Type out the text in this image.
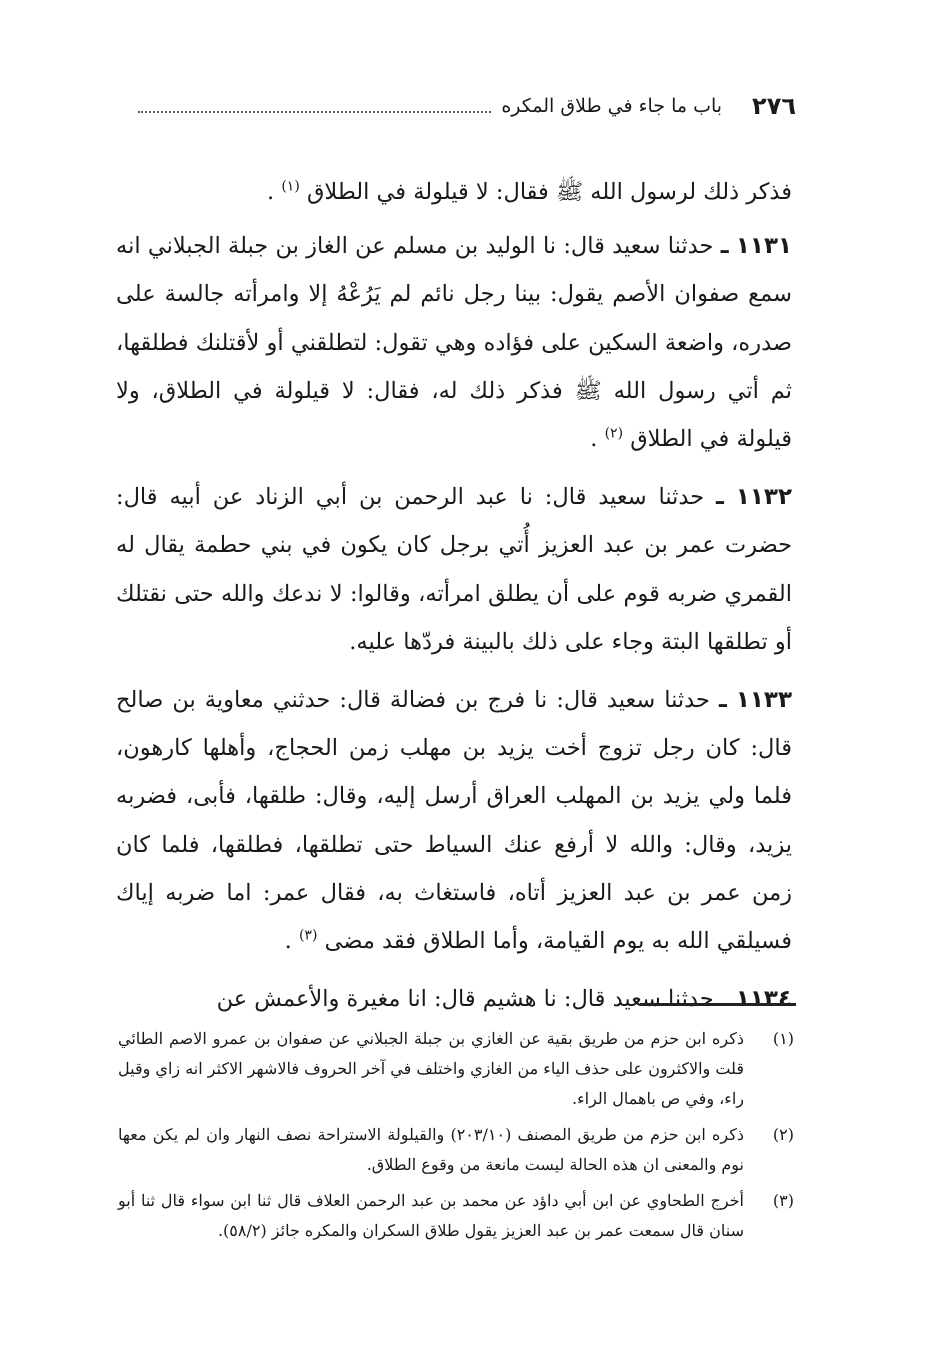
٢٧٦
باب ما جاء في طلاق المكره

فذكر ذلك لرسول الله ﷺ فقال: لا قيلولة في الطلاق $^{(١)}$ .

١١٣١ ـ حدثنا سعيد قال: نا الوليد بن مسلم عن الغاز بن جبلة الجبلاني انه سمع صفوان الأصم يقول: بينا رجل نائم لم يَرُعْهُ إلا وامرأته جالسة على صدره، واضعة السكين على فؤاده وهي تقول: لتطلقني أو لأقتلنك فطلقها، ثم أتي رسول الله ﷺ فذكر ذلك له، فقال: لا قيلولة في الطلاق، ولا قيلولة في الطلاق $^{(٢)}$ .

١١٣٢ ـ حدثنا سعيد قال: نا عبد الرحمن بن أبي الزناد عن أبيه قال: حضرت عمر بن عبد العزيز أُتي برجل كان يكون في بني حطمة يقال له القمري ضربه قوم على أن يطلق امرأته، وقالوا: لا ندعك والله حتى نقتلك أو تطلقها البتة وجاء على ذلك بالبينة فردّها عليه.

١١٣٣ ـ حدثنا سعيد قال: نا فرج بن فضالة قال: حدثني معاوية بن صالح قال: كان رجل تزوج أخت يزيد بن مهلب زمن الحجاج، وأهلها كارهون، فلما ولي يزيد بن المهلب العراق أرسل إليه، وقال: طلقها، فأبى، فضربه يزيد، وقال: والله لا أرفع عنك السياط حتى تطلقها، فطلقها، فلما كان زمن عمر بن عبد العزيز أتاه، فاستغاث به، فقال عمر: اما ضربه إياك فسيلقي الله به يوم القيامة، وأما الطلاق فقد مضى $^{(٣)}$ .

١١٣٤ ـ حدثنا سعيد قال: نا هشيم قال: انا مغيرة والأعمش عن

(١)
ذكره ابن حزم من طريق بقية عن الغازي بن جبلة الجبلاني عن صفوان بن عمرو الاصم الطائي قلت والاكثرون على حذف الياء من الغازي واختلف في آخر الحروف فالاشهر الاكثر انه زاي وقيل راء، وفي ص باهمال الراء.
(٢)
ذكره ابن حزم من طريق المصنف (٢٠٣/١٠) والقيلولة الاستراحة نصف النهار وان لم يكن معها نوم والمعنى ان هذه الحالة ليست مانعة من وقوع الطلاق.
(٣)
أخرج الطحاوي عن ابن أبي داؤد عن محمد بن عبد الرحمن العلاف قال ثنا ابن سواء قال ثنا أبو سنان قال سمعت عمر بن عبد العزيز يقول طلاق السكران والمكره جائز (٥٨/٢).
